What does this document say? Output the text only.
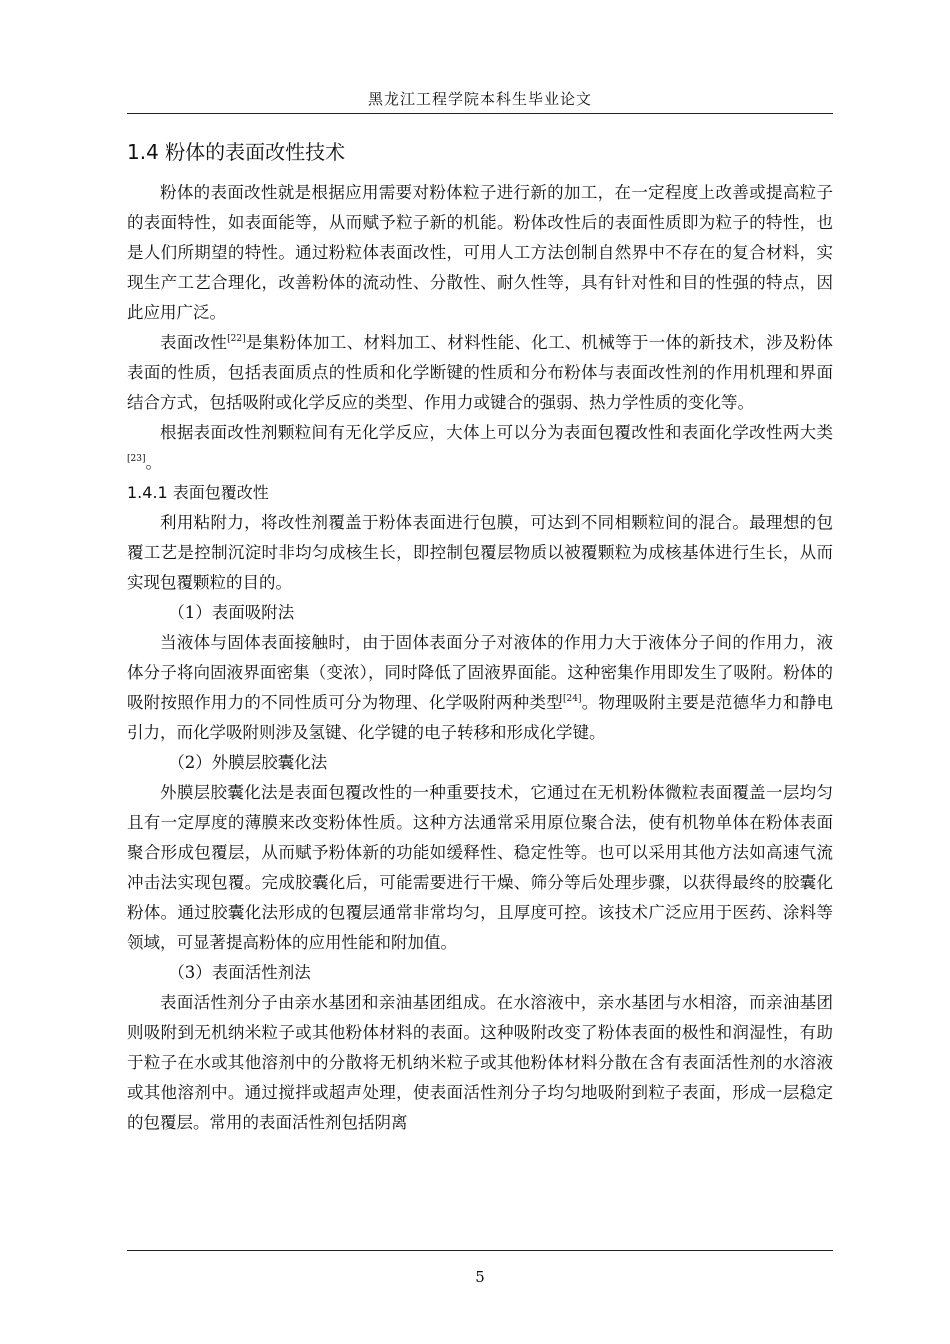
黑龙江工程学院本科生毕业论文
1.4 粉体的表面改性技术

粉体的表面改性就是根据应用需要对粉体粒子进行新的加工，在一定程度上改善或提高粒子的表面特性，如表面能等，从而赋予粒子新的机能。粉体改性后的表面性质即为粒子的特性，也是人们所期望的特性。通过粉粒体表面改性，可用人工方法创制自然界中不存在的复合材料，实现生产工艺合理化，改善粉体的流动性、分散性、耐久性等，具有针对性和目的性强的特点，因此应用广泛。

表面改性[22]是集粉体加工、材料加工、材料性能、化工、机械等于一体的新技术，涉及粉体表面的性质，包括表面质点的性质和化学断键的性质和分布粉体与表面改性剂的作用机理和界面结合方式，包括吸附或化学反应的类型、作用力或键合的强弱、热力学性质的变化等。

根据表面改性剂颗粒间有无化学反应，大体上可以分为表面包覆改性和表面化学改性两大类[23]。

1.4.1 表面包覆改性

利用粘附力，将改性剂覆盖于粉体表面进行包膜，可达到不同相颗粒间的混合。最理想的包覆工艺是控制沉淀时非均匀成核生长，即控制包覆层物质以被覆颗粒为成核基体进行生长，从而实现包覆颗粒的目的。

（1）表面吸附法

当液体与固体表面接触时，由于固体表面分子对液体的作用力大于液体分子间的作用力，液体分子将向固液界面密集（变浓），同时降低了固液界面能。这种密集作用即发生了吸附。粉体的吸附按照作用力的不同性质可分为物理、化学吸附两种类型[24]。物理吸附主要是范德华力和静电引力，而化学吸附则涉及氢键、化学键的电子转移和形成化学键。

（2）外膜层胶囊化法

外膜层胶囊化法是表面包覆改性的一种重要技术，它通过在无机粉体微粒表面覆盖一层均匀且有一定厚度的薄膜来改变粉体性质。这种方法通常采用原位聚合法，使有机物单体在粉体表面聚合形成包覆层，从而赋予粉体新的功能如缓释性、稳定性等。也可以采用其他方法如高速气流冲击法实现包覆。完成胶囊化后，可能需要进行干燥、筛分等后处理步骤，以获得最终的胶囊化粉体。通过胶囊化法形成的包覆层通常非常均匀，且厚度可控。该技术广泛应用于医药、涂料等领域，可显著提高粉体的应用性能和附加值。

（3）表面活性剂法

表面活性剂分子由亲水基团和亲油基团组成。在水溶液中，亲水基团与水相溶，而亲油基团则吸附到无机纳米粒子或其他粉体材料的表面。这种吸附改变了粉体表面的极性和润湿性，有助于粒子在水或其他溶剂中的分散将无机纳米粒子或其他粉体材料分散在含有表面活性剂的水溶液或其他溶剂中。通过搅拌或超声处理，使表面活性剂分子均匀地吸附到粒子表面，形成一层稳定的包覆层。常用的表面活性剂包括阴离

5
